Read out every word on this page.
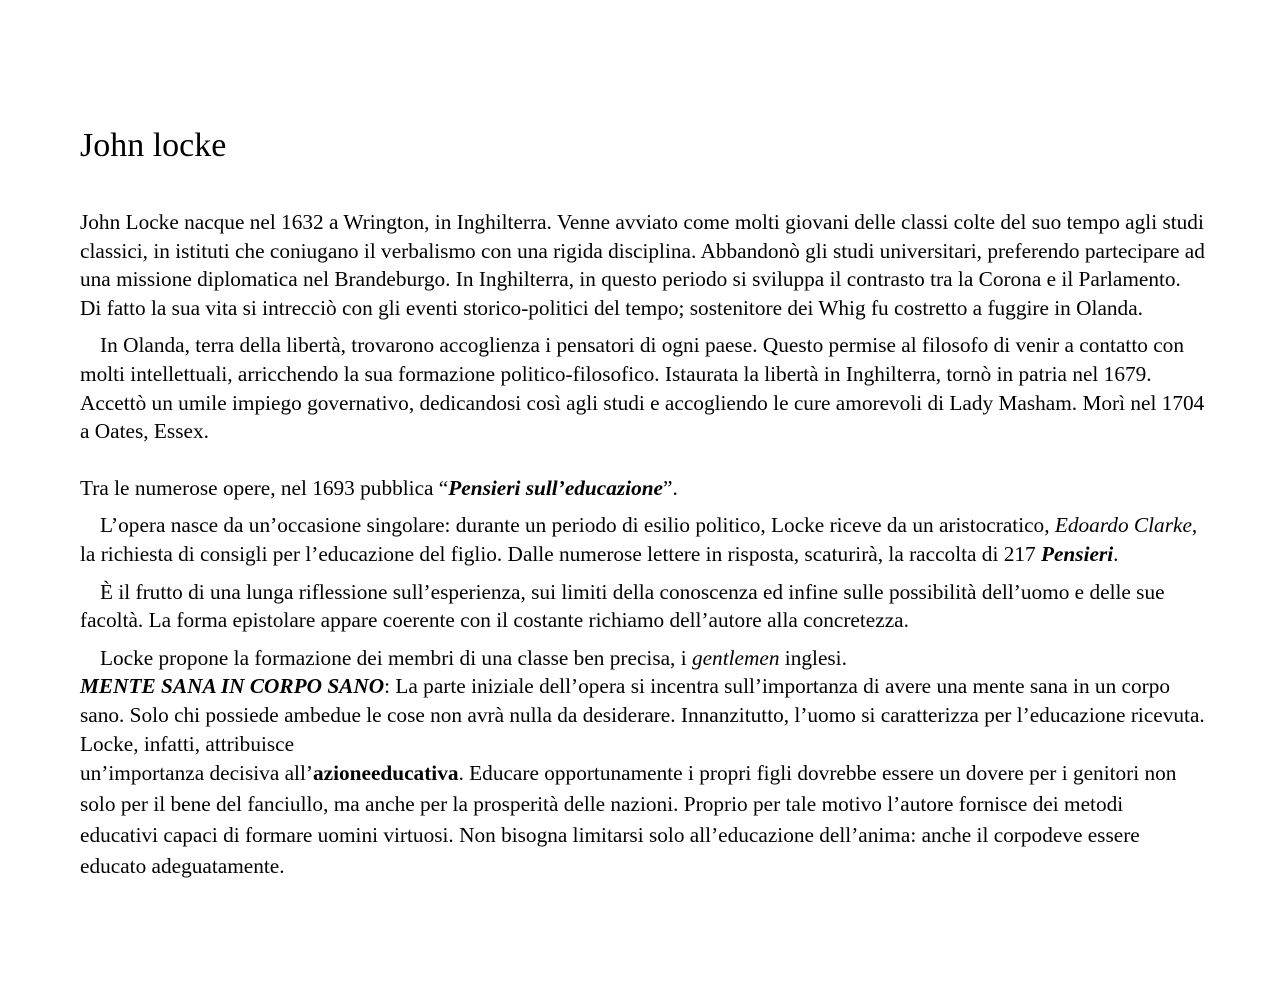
John locke

John Locke nacque nel 1632 a Wrington, in Inghilterra. Venne avviato come molti giovani delle classi colte del suo tempo agli studi classici, in istituti che coniugano il verbalismo con una rigida disciplina. Abbandonò gli studi universitari, preferendo partecipare ad una missione diplomatica nel Brandeburgo. In Inghilterra, in questo periodo si sviluppa il contrasto tra la Corona e il Parlamento. Di fatto la sua vita si intrecciò con gli eventi storico-politici del tempo; sostenitore dei Whig fu costretto a fuggire in Olanda.

In Olanda, terra della libertà, trovarono accoglienza i pensatori di ogni paese. Questo permise al filosofo di venir a contatto con molti intellettuali, arricchendo la sua formazione politico-filosofico. Istaurata la libertà in Inghilterra, tornò in patria nel 1679. Accettò un umile impiego governativo, dedicandosi così agli studi e accogliendo le cure amorevoli di Lady Masham. Morì nel 1704 a Oates, Essex.

Tra le numerose opere, nel 1693 pubblica “Pensieri sull’educazione”.

L’opera nasce da un’occasione singolare: durante un periodo di esilio politico, Locke riceve da un aristocratico, Edoardo Clarke, la richiesta di consigli per l’educazione del figlio. Dalle numerose lettere in risposta, scaturirà, la raccolta di 217 Pensieri.

È il frutto di una lunga riflessione sull’esperienza, sui limiti della conoscenza ed infine sulle possibilità dell’uomo e delle sue facoltà. La forma epistolare appare coerente con il costante richiamo dell’autore alla concretezza.

Locke propone la formazione dei membri di una classe ben precisa, i gentlemen inglesi.

MENTE SANA IN CORPO SANO: La parte iniziale dell’opera si incentra sull’importanza di avere una mente sana in un corpo sano. Solo chi possiede ambedue le cose non avrà nulla da desiderare. Innanzitutto, l’uomo si caratterizza per l’educazione ricevuta. Locke, infatti, attribuisce

un’importanza decisiva all’azioneeducativa. Educare opportunamente i propri figli dovrebbe essere un dovere per i genitori non solo per il bene del fanciullo, ma anche per la prosperità delle nazioni. Proprio per tale motivo l’autore fornisce dei metodi educativi capaci di formare uomini virtuosi. Non bisogna limitarsi solo all’educazione dell’anima: anche il corpodeve essere educato adeguatamente.
